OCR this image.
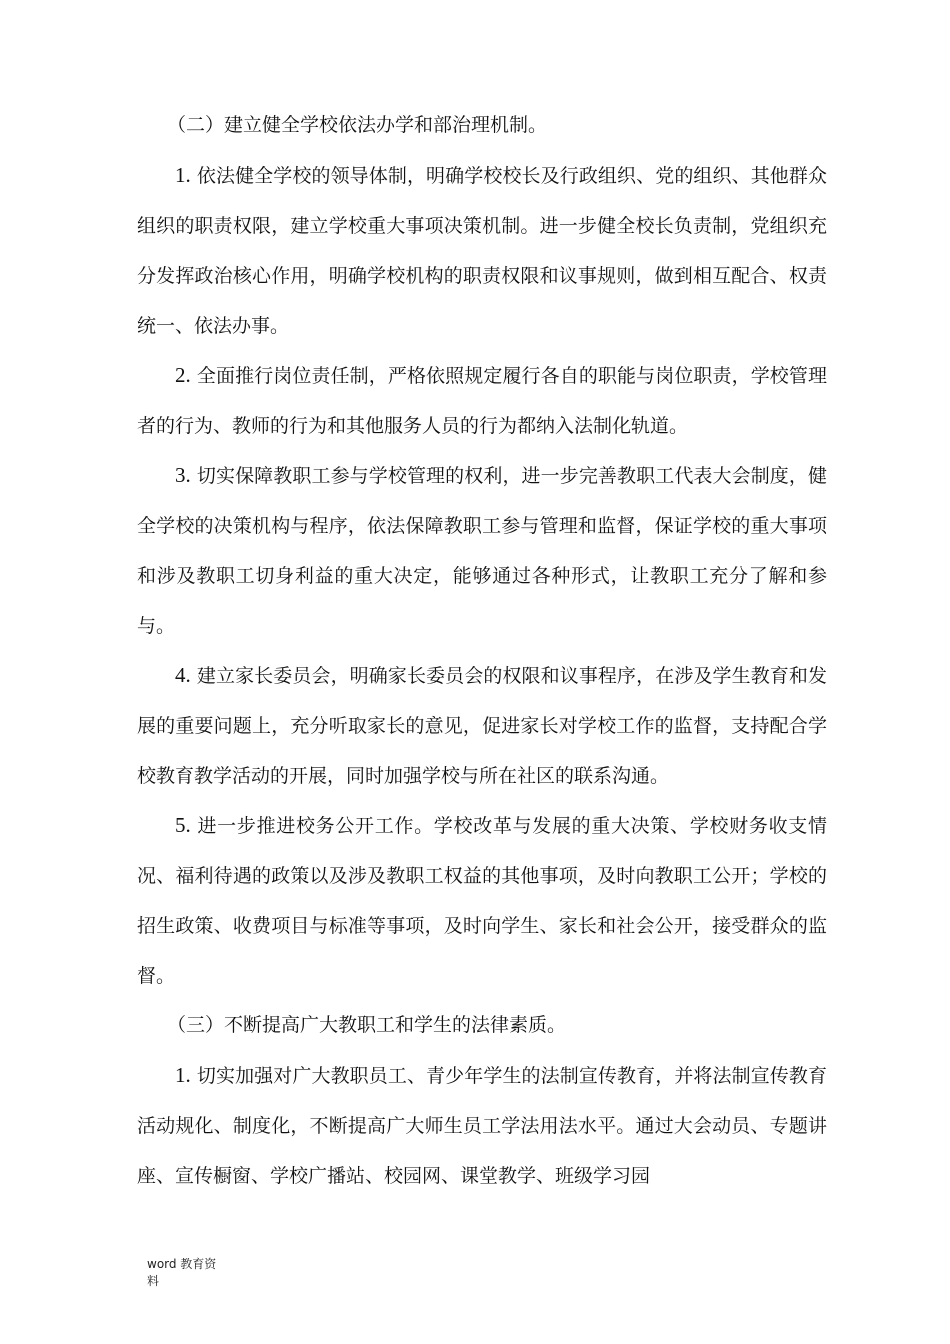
（二）建立健全学校依法办学和部治理机制。

1. 依法健全学校的领导体制，明确学校校长及行政组织、党的组织、其他群众组织的职责权限，建立学校重大事项决策机制。进一步健全校长负责制，党组织充分发挥政治核心作用，明确学校机构的职责权限和议事规则，做到相互配合、权责统一、依法办事。

2. 全面推行岗位责任制，严格依照规定履行各自的职能与岗位职责，学校管理者的行为、教师的行为和其他服务人员的行为都纳入法制化轨道。

3. 切实保障教职工参与学校管理的权利，进一步完善教职工代表大会制度，健全学校的决策机构与程序，依法保障教职工参与管理和监督，保证学校的重大事项和涉及教职工切身利益的重大决定，能够通过各种形式，让教职工充分了解和参与。

4. 建立家长委员会，明确家长委员会的权限和议事程序，在涉及学生教育和发展的重要问题上，充分听取家长的意见，促进家长对学校工作的监督，支持配合学校教育教学活动的开展，同时加强学校与所在社区的联系沟通。

5. 进一步推进校务公开工作。学校改革与发展的重大决策、学校财务收支情况、福利待遇的政策以及涉及教职工权益的其他事项，及时向教职工公开；学校的招生政策、收费项目与标准等事项，及时向学生、家长和社会公开，接受群众的监督。

（三）不断提高广大教职工和学生的法律素质。

1. 切实加强对广大教职员工、青少年学生的法制宣传教育，并将法制宣传教育活动规化、制度化，不断提高广大师生员工学法用法水平。通过大会动员、专题讲座、宣传橱窗、学校广播站、校园网、课堂教学、班级学习园

word 教育资
料
